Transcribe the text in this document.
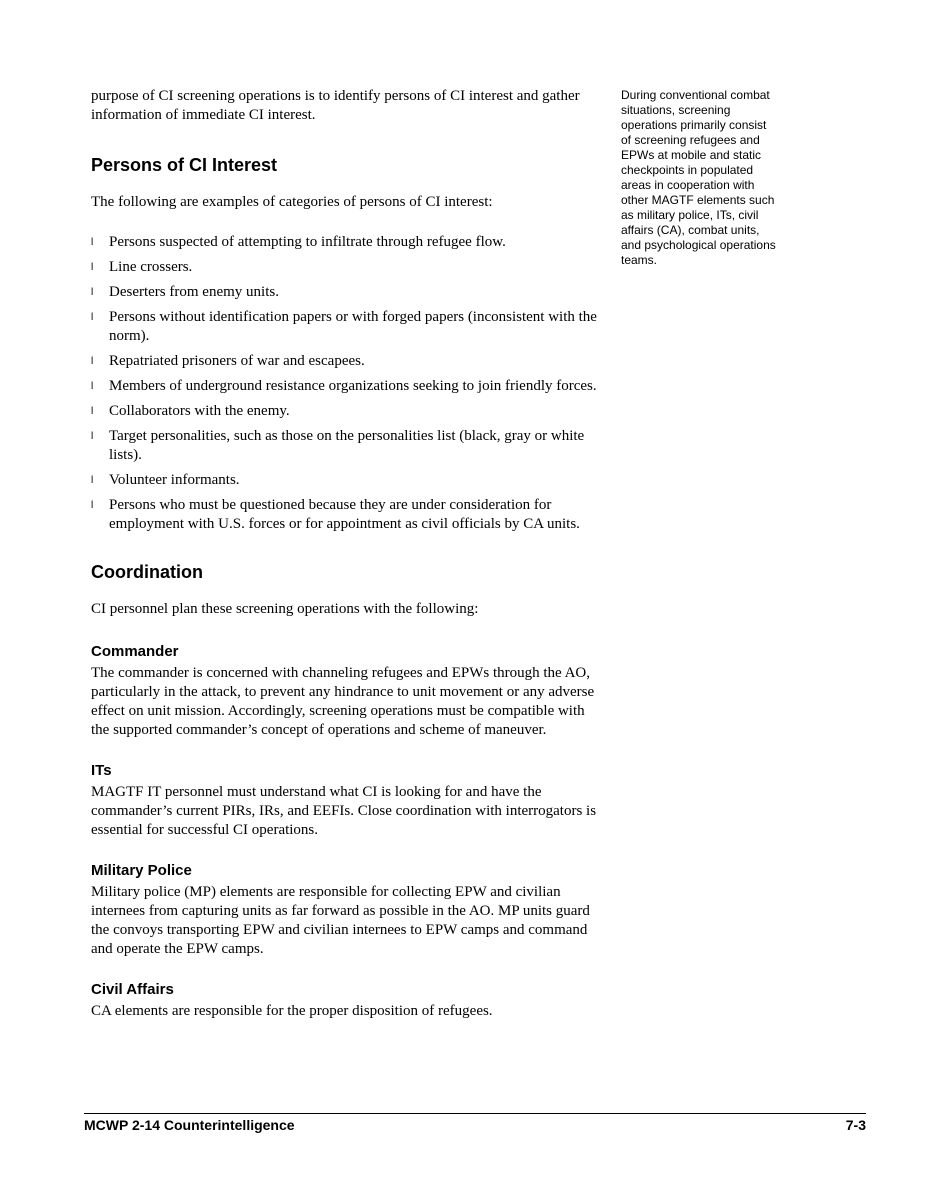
purpose of CI screening operations is to identify persons of CI interest and gather information of immediate CI interest.

Persons of CI Interest

The following are examples of categories of persons of CI interest:

l Persons suspected of attempting to infiltrate through refugee flow.
l Line crossers.
l Deserters from enemy units.
l Persons without identification papers or with forged papers (inconsistent with the norm).
l Repatriated prisoners of war and escapees.
l Members of underground resistance organizations seeking to join friendly forces.
l Collaborators with the enemy.
l Target personalities, such as those on the personalities list (black, gray or white lists).
l Volunteer informants.
l Persons who must be questioned because they are under consideration for employment with U.S. forces or for appointment as civil officials by CA units.
Coordination

CI personnel plan these screening operations with the following:

Commander

The commander is concerned with channeling refugees and EPWs through the AO, particularly in the attack, to prevent any hindrance to unit movement or any adverse effect on unit mission. Accordingly, screening operations must be compatible with the supported commander’s concept of operations and scheme of maneuver.

ITs

MAGTF IT personnel must understand what CI is looking for and have the commander’s current PIRs, IRs, and EEFIs. Close coordination with interrogators is essential for successful CI operations.

Military Police

Military police (MP) elements are responsible for collecting EPW and civilian internees from capturing units as far forward as possible in the AO. MP units guard the convoys transporting EPW and civilian internees to EPW camps and command and operate the EPW camps.

Civil Affairs

CA elements are responsible for the proper disposition of refugees.

During conventional combat situations, screening operations primarily consist of screening refugees and EPWs at mobile and static checkpoints in populated areas in cooperation with other MAGTF elements such as military police, ITs, civil affairs (CA), combat units, and psychological operations teams.
MCWP 2-14 Counterintelligence	7-3
